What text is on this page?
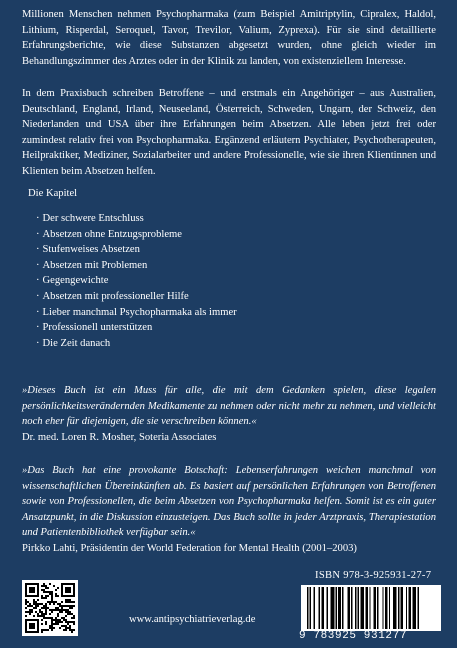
Millionen Menschen nehmen Psychopharmaka (zum Beispiel Amitriptylin, Cipralex, Haldol, Lithium, Risperdal, Seroquel, Tavor, Trevilor, Valium, Zyprexa). Für sie sind detaillierte Erfahrungsberichte, wie diese Substanzen abgesetzt wurden, ohne gleich wieder im Behandlungszimmer des Arztes oder in der Klinik zu landen, von existenziellem Interesse.

In dem Praxisbuch schreiben Betroffene – und erstmals ein Angehöriger – aus Australien, Deutschland, England, Irland, Neuseeland, Österreich, Schweden, Ungarn, der Schweiz, den Niederlanden und USA über ihre Erfahrungen beim Absetzen. Alle leben jetzt frei oder zumindest relativ frei von Psychopharmaka. Ergänzend erläutern Psychiater, Psychotherapeuten, Heilpraktiker, Mediziner, Sozialarbeiter und andere Professionelle, wie sie ihren Klientinnen und Klienten beim Absetzen helfen.

Die Kapitel

· Der schwere Entschluss
· Absetzen ohne Entzugsprobleme
· Stufenweises Absetzen
· Absetzen mit Problemen
· Gegengewichte
· Absetzen mit professioneller Hilfe
· Lieber manchmal Psychopharmaka als immer
· Professionell unterstützen
· Die Zeit danach
»Dieses Buch ist ein Muss für alle, die mit dem Gedanken spielen, diese legalen persönlichkeitsverändernden Medikamente zu nehmen oder nicht mehr zu nehmen, und vielleicht noch eher für diejenigen, die sie verschreiben können.«
Dr. med. Loren R. Mosher, Soteria Associates
»Das Buch hat eine provokante Botschaft: Lebenserfahrungen weichen manchmal von wissenschaftlichen Übereinkünften ab. Es basiert auf persönlichen Erfahrungen von Betroffenen sowie von Professionellen, die beim Absetzen von Psychopharmaka helfen. Somit ist es ein guter Ansatzpunkt, in die Diskussion einzusteigen. Das Buch sollte in jeder Arztpraxis, Therapiestation und Patientenbibliothek verfügbar sein.«
Pirkko Lahti, Präsidentin der World Federation for Mental Health (2001–2003)

www.antipsychiatrieverlag.de

ISBN 978-3-925931-27-7

9 783925 931277
